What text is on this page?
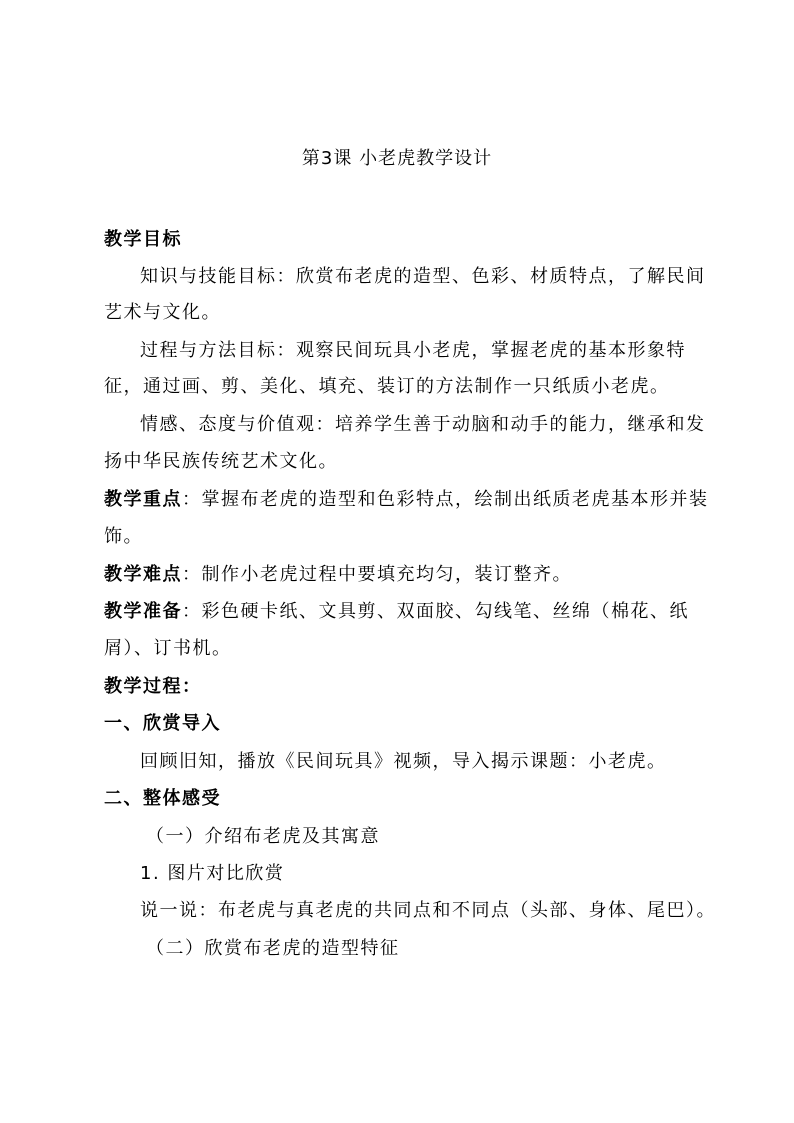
第3课 小老虎教学设计
教学目标
知识与技能目标：欣赏布老虎的造型、色彩、材质特点，了解民间
艺术与文化。
过程与方法目标：观察民间玩具小老虎，掌握老虎的基本形象特
征，通过画、剪、美化、填充、装订的方法制作一只纸质小老虎。
情感、态度与价值观：培养学生善于动脑和动手的能力，继承和发
扬中华民族传统艺术文化。
教学重点：掌握布老虎的造型和色彩特点，绘制出纸质老虎基本形并装
饰。
教学难点：制作小老虎过程中要填充均匀，装订整齐。
教学准备：彩色硬卡纸、文具剪、双面胶、勾线笔、丝绵（棉花、纸
屑）、订书机。
教学过程：
一、欣赏导入
回顾旧知，播放《民间玩具》视频，导入揭示课题：小老虎。
二、整体感受
（一）介绍布老虎及其寓意
1. 图片对比欣赏
说一说：布老虎与真老虎的共同点和不同点（头部、身体、尾巴）。
（二）欣赏布老虎的造型特征
